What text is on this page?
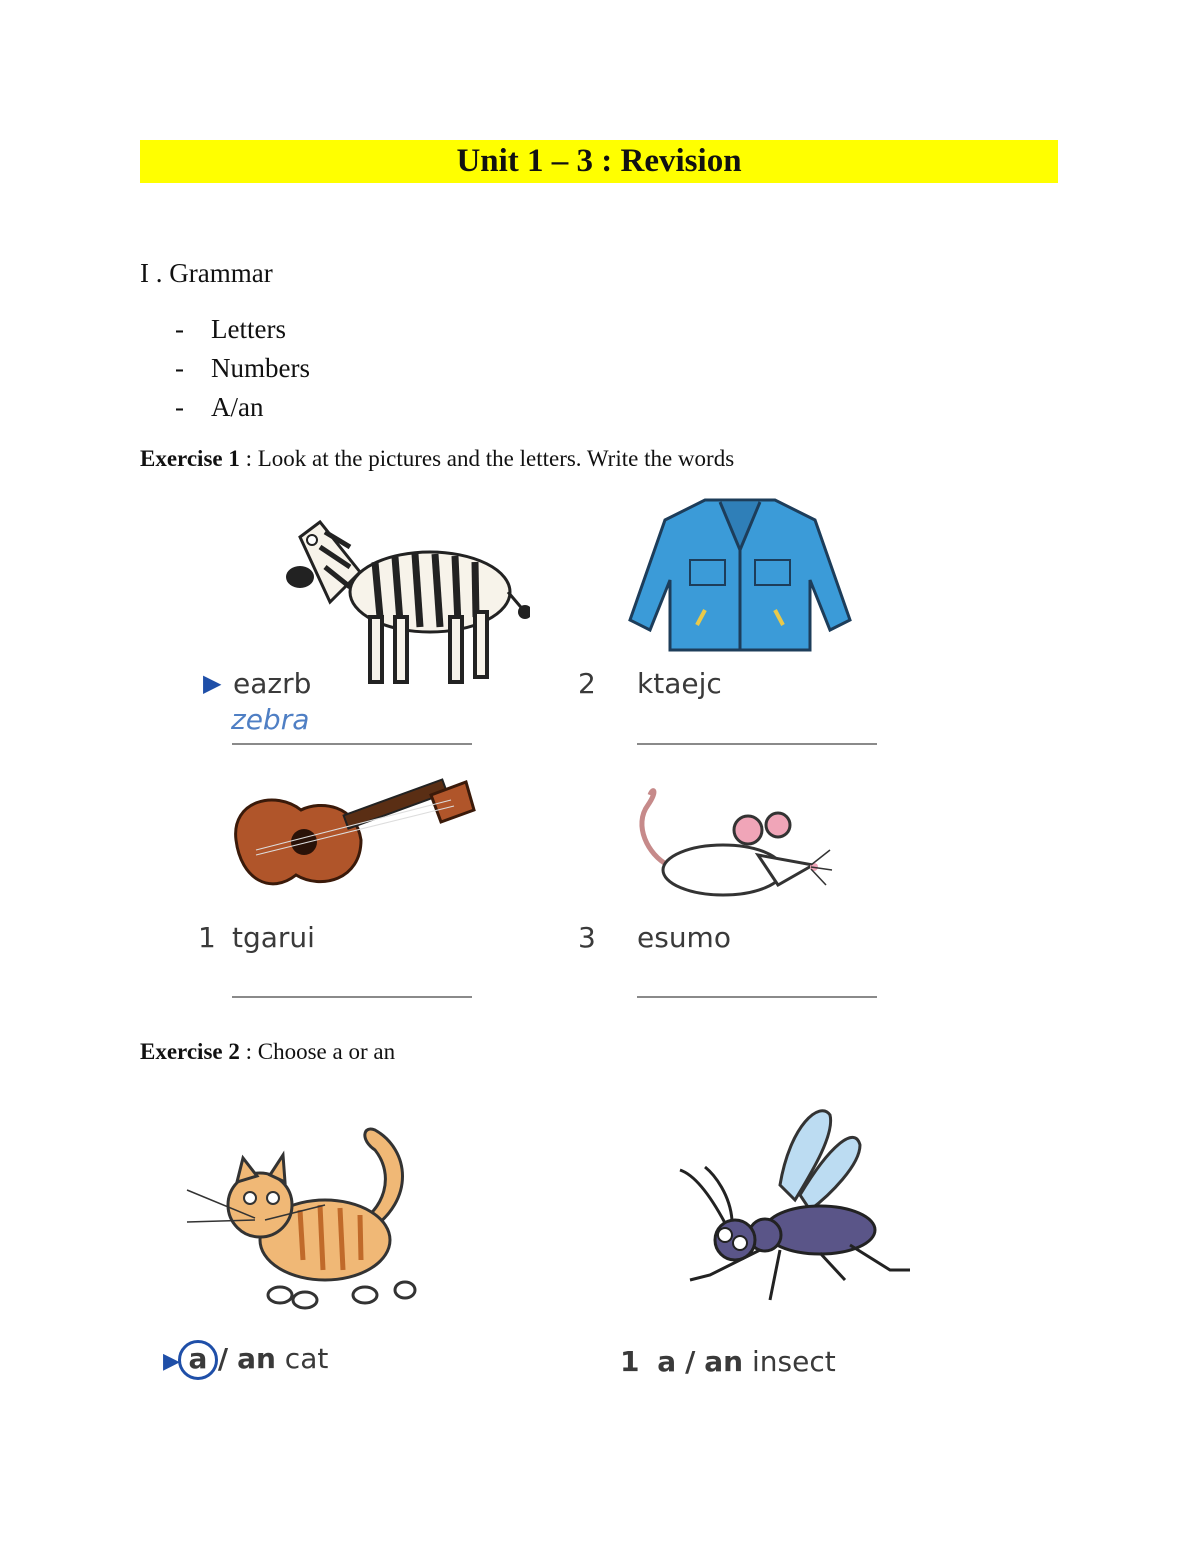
Unit 1 – 3 : Revision
I . Grammar
- Letters
- Numbers
- A/an
Exercise 1 : Look at the pictures and the letters. Write the words
▶ eazrb
zebra
2 ktaejc
1 tgarui	3 esumo
Exercise 2 : Choose a or an
▶ a / an cat	1 a / an insect
